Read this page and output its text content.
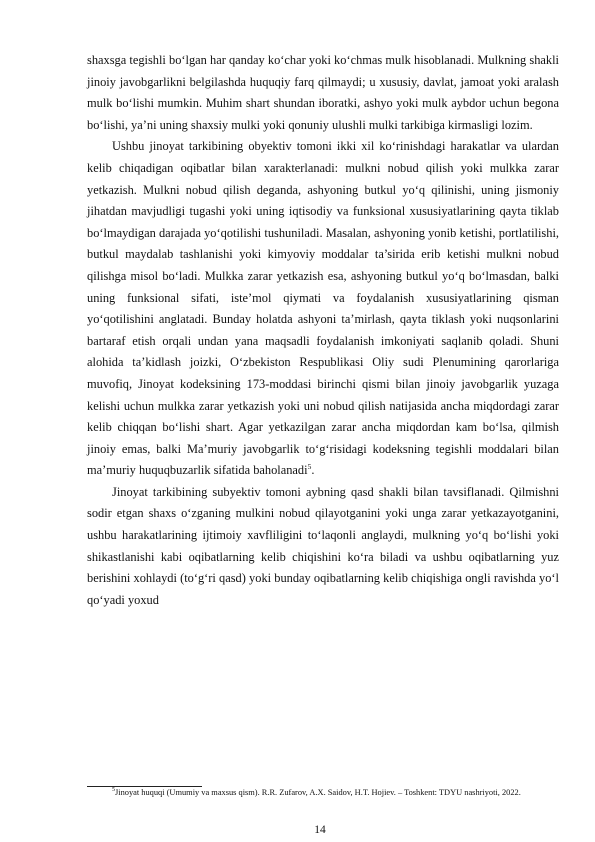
shaxsga tegishli bo‘lgan har qanday ko‘char yoki ko‘chmas mulk hisoblanadi. Mulkning shakli jinoiy javobgarlikni belgilashda huquqiy farq qilmaydi; u xususiy, davlat, jamoat yoki aralash mulk bo‘lishi mumkin. Muhim shart shundan iboratki, ashyo yoki mulk aybdor uchun begona bo‘lishi, ya’ni uning shaxsiy mulki yoki qonuniy ulushli mulki tarkibiga kirmasligi lozim.

Ushbu jinoyat tarkibining obyektiv tomoni ikki xil ko‘rinishdagi harakatlar va ulardan kelib chiqadigan oqibatlar bilan xarakterlanadi: mulkni nobud qilish yoki mulkka zarar yetkazish. Mulkni nobud qilish deganda, ashyoning butkul yo‘q qilinishi, uning jismoniy jihatdan mavjudligi tugashi yoki uning iqtisodiy va funksional xususiyatlarining qayta tiklab bo‘lmaydigan darajada yo‘qotilishi tushuniladi. Masalan, ashyoning yonib ketishi, portlatilishi, butkul maydalab tashlanishi yoki kimyoviy moddalar ta’sirida erib ketishi mulkni nobud qilishga misol bo‘ladi. Mulkka zarar yetkazish esa, ashyoning butkul yo‘q bo‘lmasdan, balki uning funksional sifati, iste’mol qiymati va foydalanish xususiyatlarining qisman yo‘qotilishini anglatadi. Bunday holatda ashyoni ta’mirlash, qayta tiklash yoki nuqsonlarini bartaraf etish orqali undan yana maqsadli foydalanish imkoniyati saqlanib qoladi. Shuni alohida ta’kidlash joizki, O‘zbekiston Respublikasi Oliy sudi Plenumining qarorlariga muvofiq, Jinoyat kodeksining 173-moddasi birinchi qismi bilan jinoiy javobgarlik yuzaga kelishi uchun mulkka zarar yetkazish yoki uni nobud qilish natijasida ancha miqdordagi zarar kelib chiqqan bo‘lishi shart. Agar yetkazilgan zarar ancha miqdordan kam bo‘lsa, qilmish jinoiy emas, balki Ma’muriy javobgarlik to‘g‘risidagi kodeksning tegishli moddalari bilan ma’muriy huquqbuzarlik sifatida baholanadi$^5$.

Jinoyat tarkibining subyektiv tomoni aybning qasd shakli bilan tavsiflanadi. Qilmishni sodir etgan shaxs o‘zganing mulkini nobud qilayotganini yoki unga zarar yetkazayotganini, ushbu harakatlarining ijtimoiy xavfliligini to‘laqonli anglaydi, mulkning yo‘q bo‘lishi yoki shikastlanishi kabi oqibatlarning kelib chiqishini ko‘ra biladi va ushbu oqibatlarning yuz berishini xohlaydi (to‘g‘ri qasd) yoki bunday oqibatlarning kelib chiqishiga ongli ravishda yo‘l qo‘yadi yoxud

$^5$Jinoyat huquqi (Umumiy va maxsus qism). R.R. Zufarov, A.X. Saidov, H.T. Hojiev. – Toshkent: TDYU nashriyoti, 2022.

14
